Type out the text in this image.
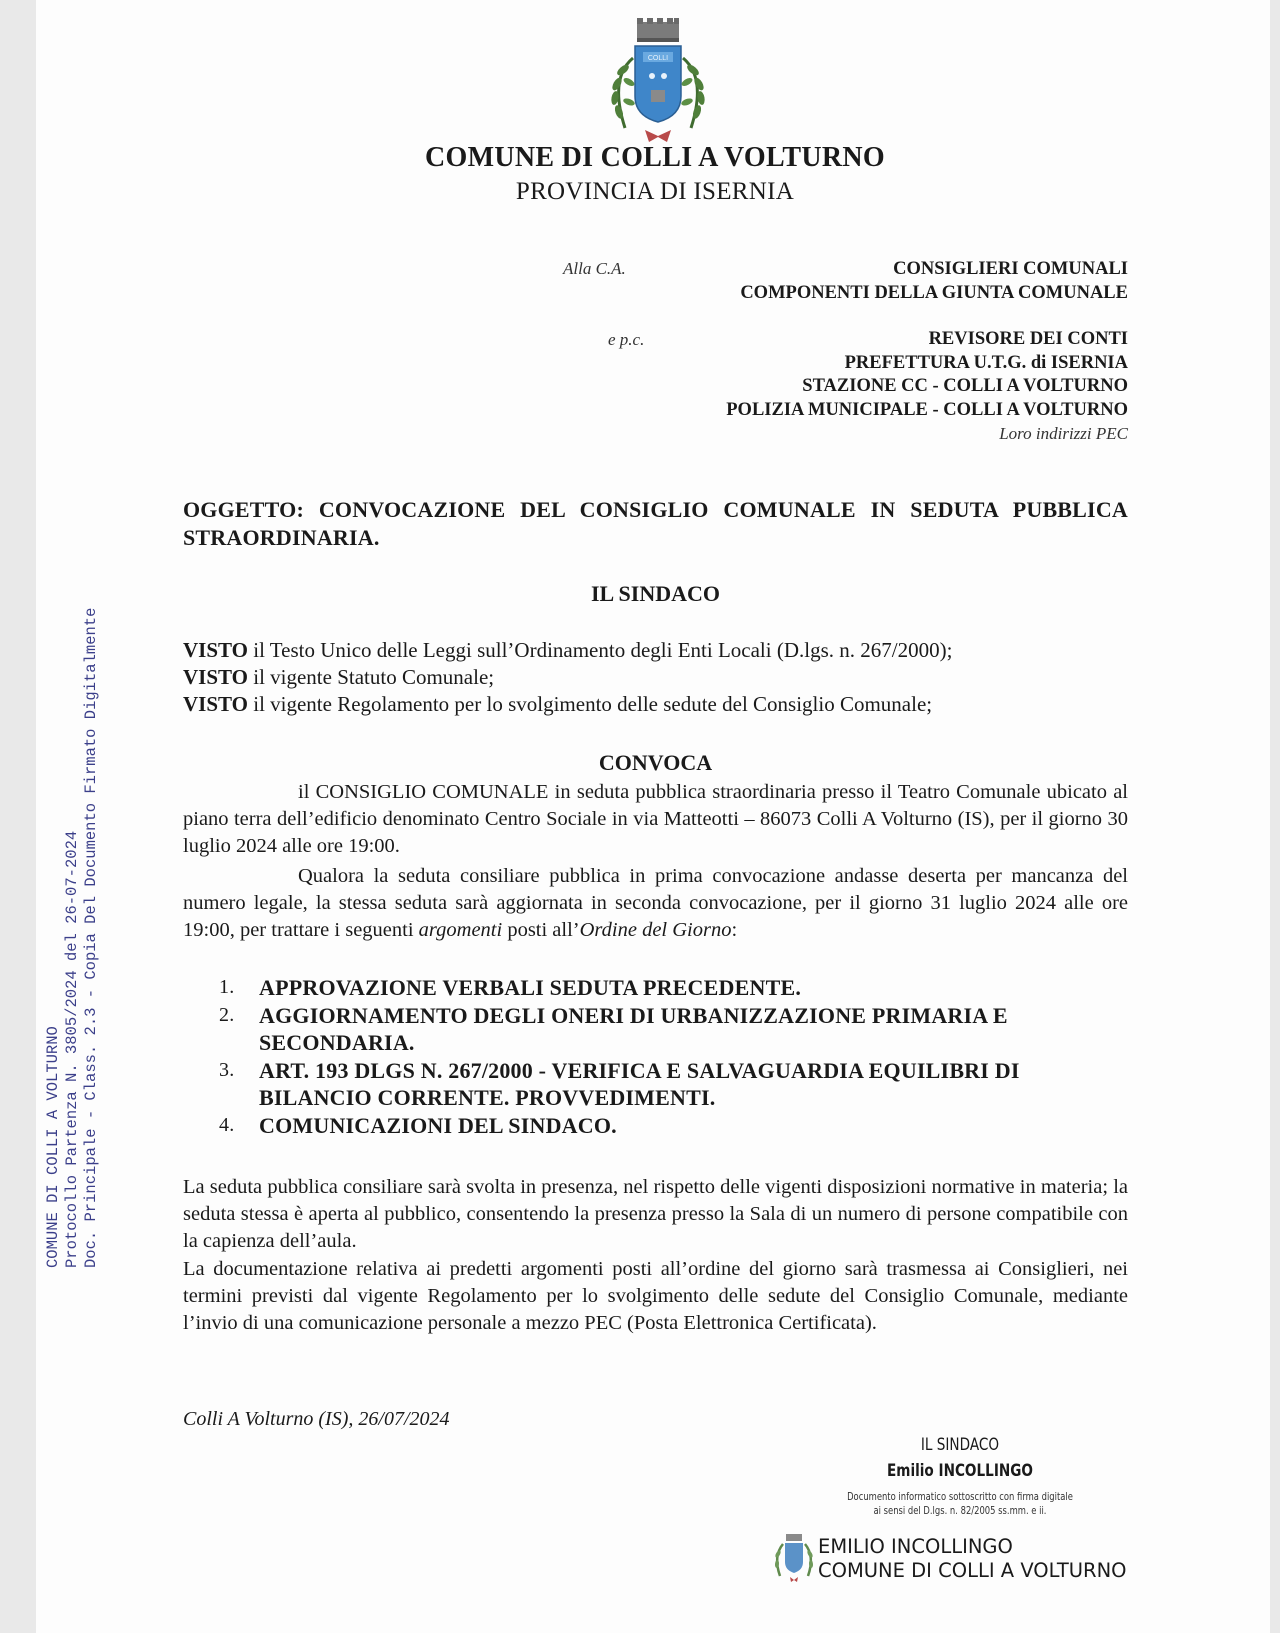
COMUNE DI COLLI A VOLTURNO Protocollo Partenza N. 3805/2024 del 26-07-2024 Doc. Principale - Class. 2.3 - Copia Del Documento Firmato Digitalmente
COLLI
COMUNE DI COLLI A VOLTURNO
PROVINCIA DI ISERNIA
Alla C.A.	CONSIGLIERI COMUNALI
COMPONENTI DELLA GIUNTA COMUNALE
e p.c.	REVISORE DEI CONTI
PREFETTURA U.T.G. di ISERNIA
STAZIONE CC - COLLI A VOLTURNO
POLIZIA MUNICIPALE - COLLI A VOLTURNO
Loro indirizzi PEC
OGGETTO: CONVOCAZIONE DEL CONSIGLIO COMUNALE IN SEDUTA PUBBLICA STRAORDINARIA.
IL SINDACO
VISTO il Testo Unico delle Leggi sull’Ordinamento degli Enti Locali (D.lgs. n. 267/2000);
VISTO il vigente Statuto Comunale;
VISTO il vigente Regolamento per lo svolgimento delle sedute del Consiglio Comunale;
CONVOCA
il CONSIGLIO COMUNALE in seduta pubblica straordinaria presso il Teatro Comunale ubicato al piano terra dell’edificio denominato Centro Sociale in via Matteotti – 86073 Colli A Volturno (IS), per il giorno 30 luglio 2024 alle ore 19:00.
Qualora la seduta consiliare pubblica in prima convocazione andasse deserta per mancanza del numero legale, la stessa seduta sarà aggiornata in seconda convocazione, per il giorno 31 luglio 2024 alle ore 19:00, per trattare i seguenti argomenti posti all’Ordine del Giorno:
1. APPROVAZIONE VERBALI SEDUTA PRECEDENTE.
2. AGGIORNAMENTO DEGLI ONERI DI URBANIZZAZIONE PRIMARIA E SECONDARIA.
3. ART. 193 DLGS N. 267/2000 - VERIFICA E SALVAGUARDIA EQUILIBRI DI BILANCIO CORRENTE. PROVVEDIMENTI.
4. COMUNICAZIONI DEL SINDACO.
La seduta pubblica consiliare sarà svolta in presenza, nel rispetto delle vigenti disposizioni normative in materia; la seduta stessa è aperta al pubblico, consentendo la presenza presso la Sala di un numero di persone compatibile con la capienza dell’aula.
La documentazione relativa ai predetti argomenti posti all’ordine del giorno sarà trasmessa ai Consiglieri, nei termini previsti dal vigente Regolamento per lo svolgimento delle sedute del Consiglio Comunale, mediante l’invio di una comunicazione personale a mezzo PEC (Posta Elettronica Certificata).
Colli A Volturno (IS), 26/07/2024
IL SINDACO
Emilio INCOLLINGO
Documento informatico sottoscritto con firma digitale
ai sensi del D.lgs. n. 82/2005 ss.mm. e ii.
EMILIO INCOLLINGO
COMUNE DI COLLI A VOLTURNO
